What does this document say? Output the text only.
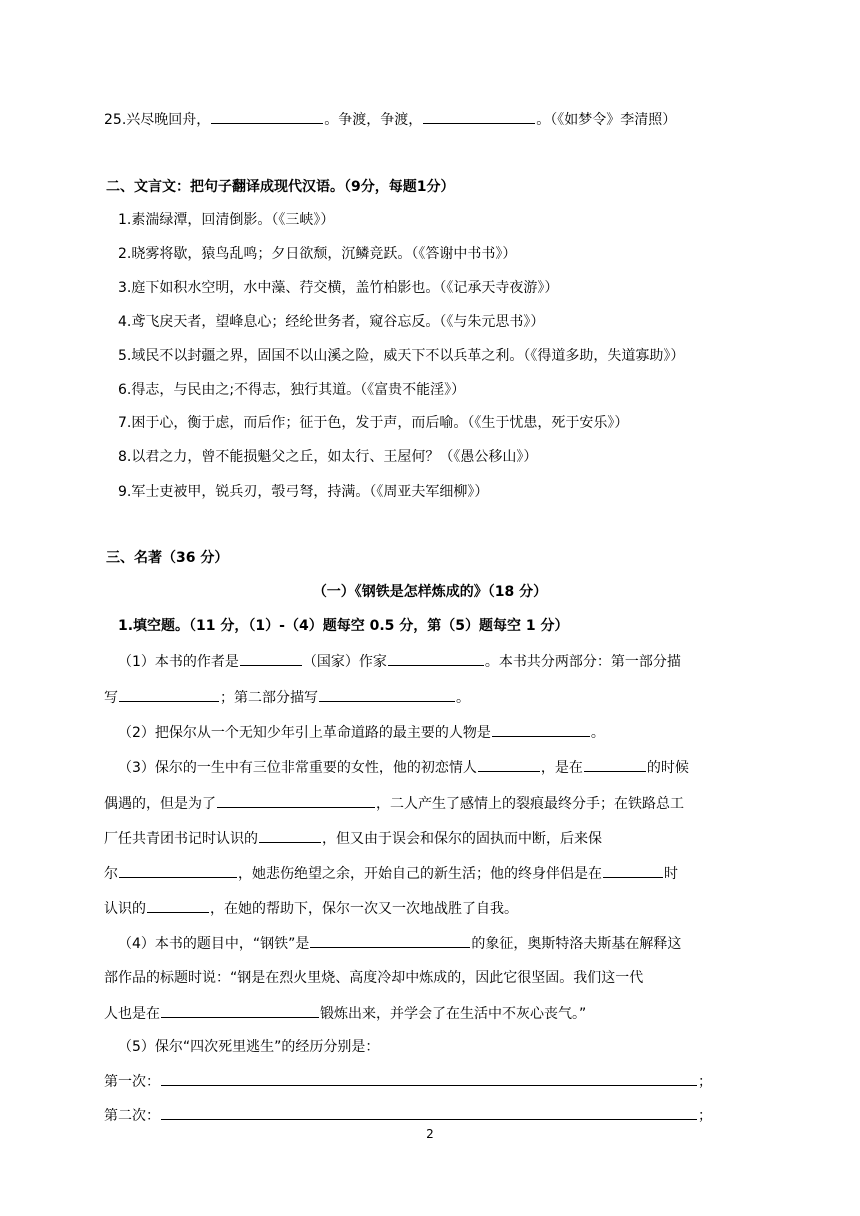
25.兴尽晚回舟，	。争渡，争渡，	。（《如梦令》李清照）
二、文言文：把句子翻译成现代汉语。（9分，每题1分）
1.素湍绿潭，回清倒影。（《三峡》）
2.晓雾将歇，猿鸟乱鸣；夕日欲颓，沉鳞竞跃。（《答谢中书书》）
3.庭下如积水空明，水中藻、荇交横，盖竹柏影也。（《记承天寺夜游》）
4.鸢飞戾天者，望峰息心；经纶世务者，窥谷忘反。（《与朱元思书》）
5.域民不以封疆之界，固国不以山溪之险，威天下不以兵革之利。（《得道多助，失道寡助》）
6.得志，与民由之;不得志，独行其道。（《富贵不能淫》）
7.困于心，衡于虑，而后作；征于色，发于声，而后喻。（《生于忧患，死于安乐》）
8.以君之力，曾不能损魁父之丘，如太行、王屋何？（《愚公移山》）
9.军士吏被甲，锐兵刃，彀弓弩，持满。（《周亚夫军细柳》）
三、名著（36 分）
（一）《钢铁是怎样炼成的》（18 分）
1.填空题。（11 分，（1）-（4）题每空 0.5 分，第（5）题每空 1 分）
（1）本书的作者是	（国家）作家	。本书共分两部分：第一部分描
写	；第二部分描写	。
（2）把保尔从一个无知少年引上革命道路的最主要的人物是	。
（3）保尔的一生中有三位非常重要的女性，他的初恋情人	，是在	的时候
偶遇的，但是为了	，二人产生了感情上的裂痕最终分手；在铁路总工
厂任共青团书记时认识的	，但又由于误会和保尔的固执而中断，后来保
尔	，她悲伤绝望之余，开始自己的新生活；他的终身伴侣是在	时
认识的	，在她的帮助下，保尔一次又一次地战胜了自我。
（4）本书的题目中，“钢铁”是	的象征，奥斯特洛夫斯基在解释这
部作品的标题时说：“钢是在烈火里烧、高度冷却中炼成的，因此它很坚固。我们这一代
人也是在	锻炼出来，并学会了在生活中不灰心丧气。”
（5）保尔“四次死里逃生”的经历分别是：
第一次：	；
第二次：	；
2
